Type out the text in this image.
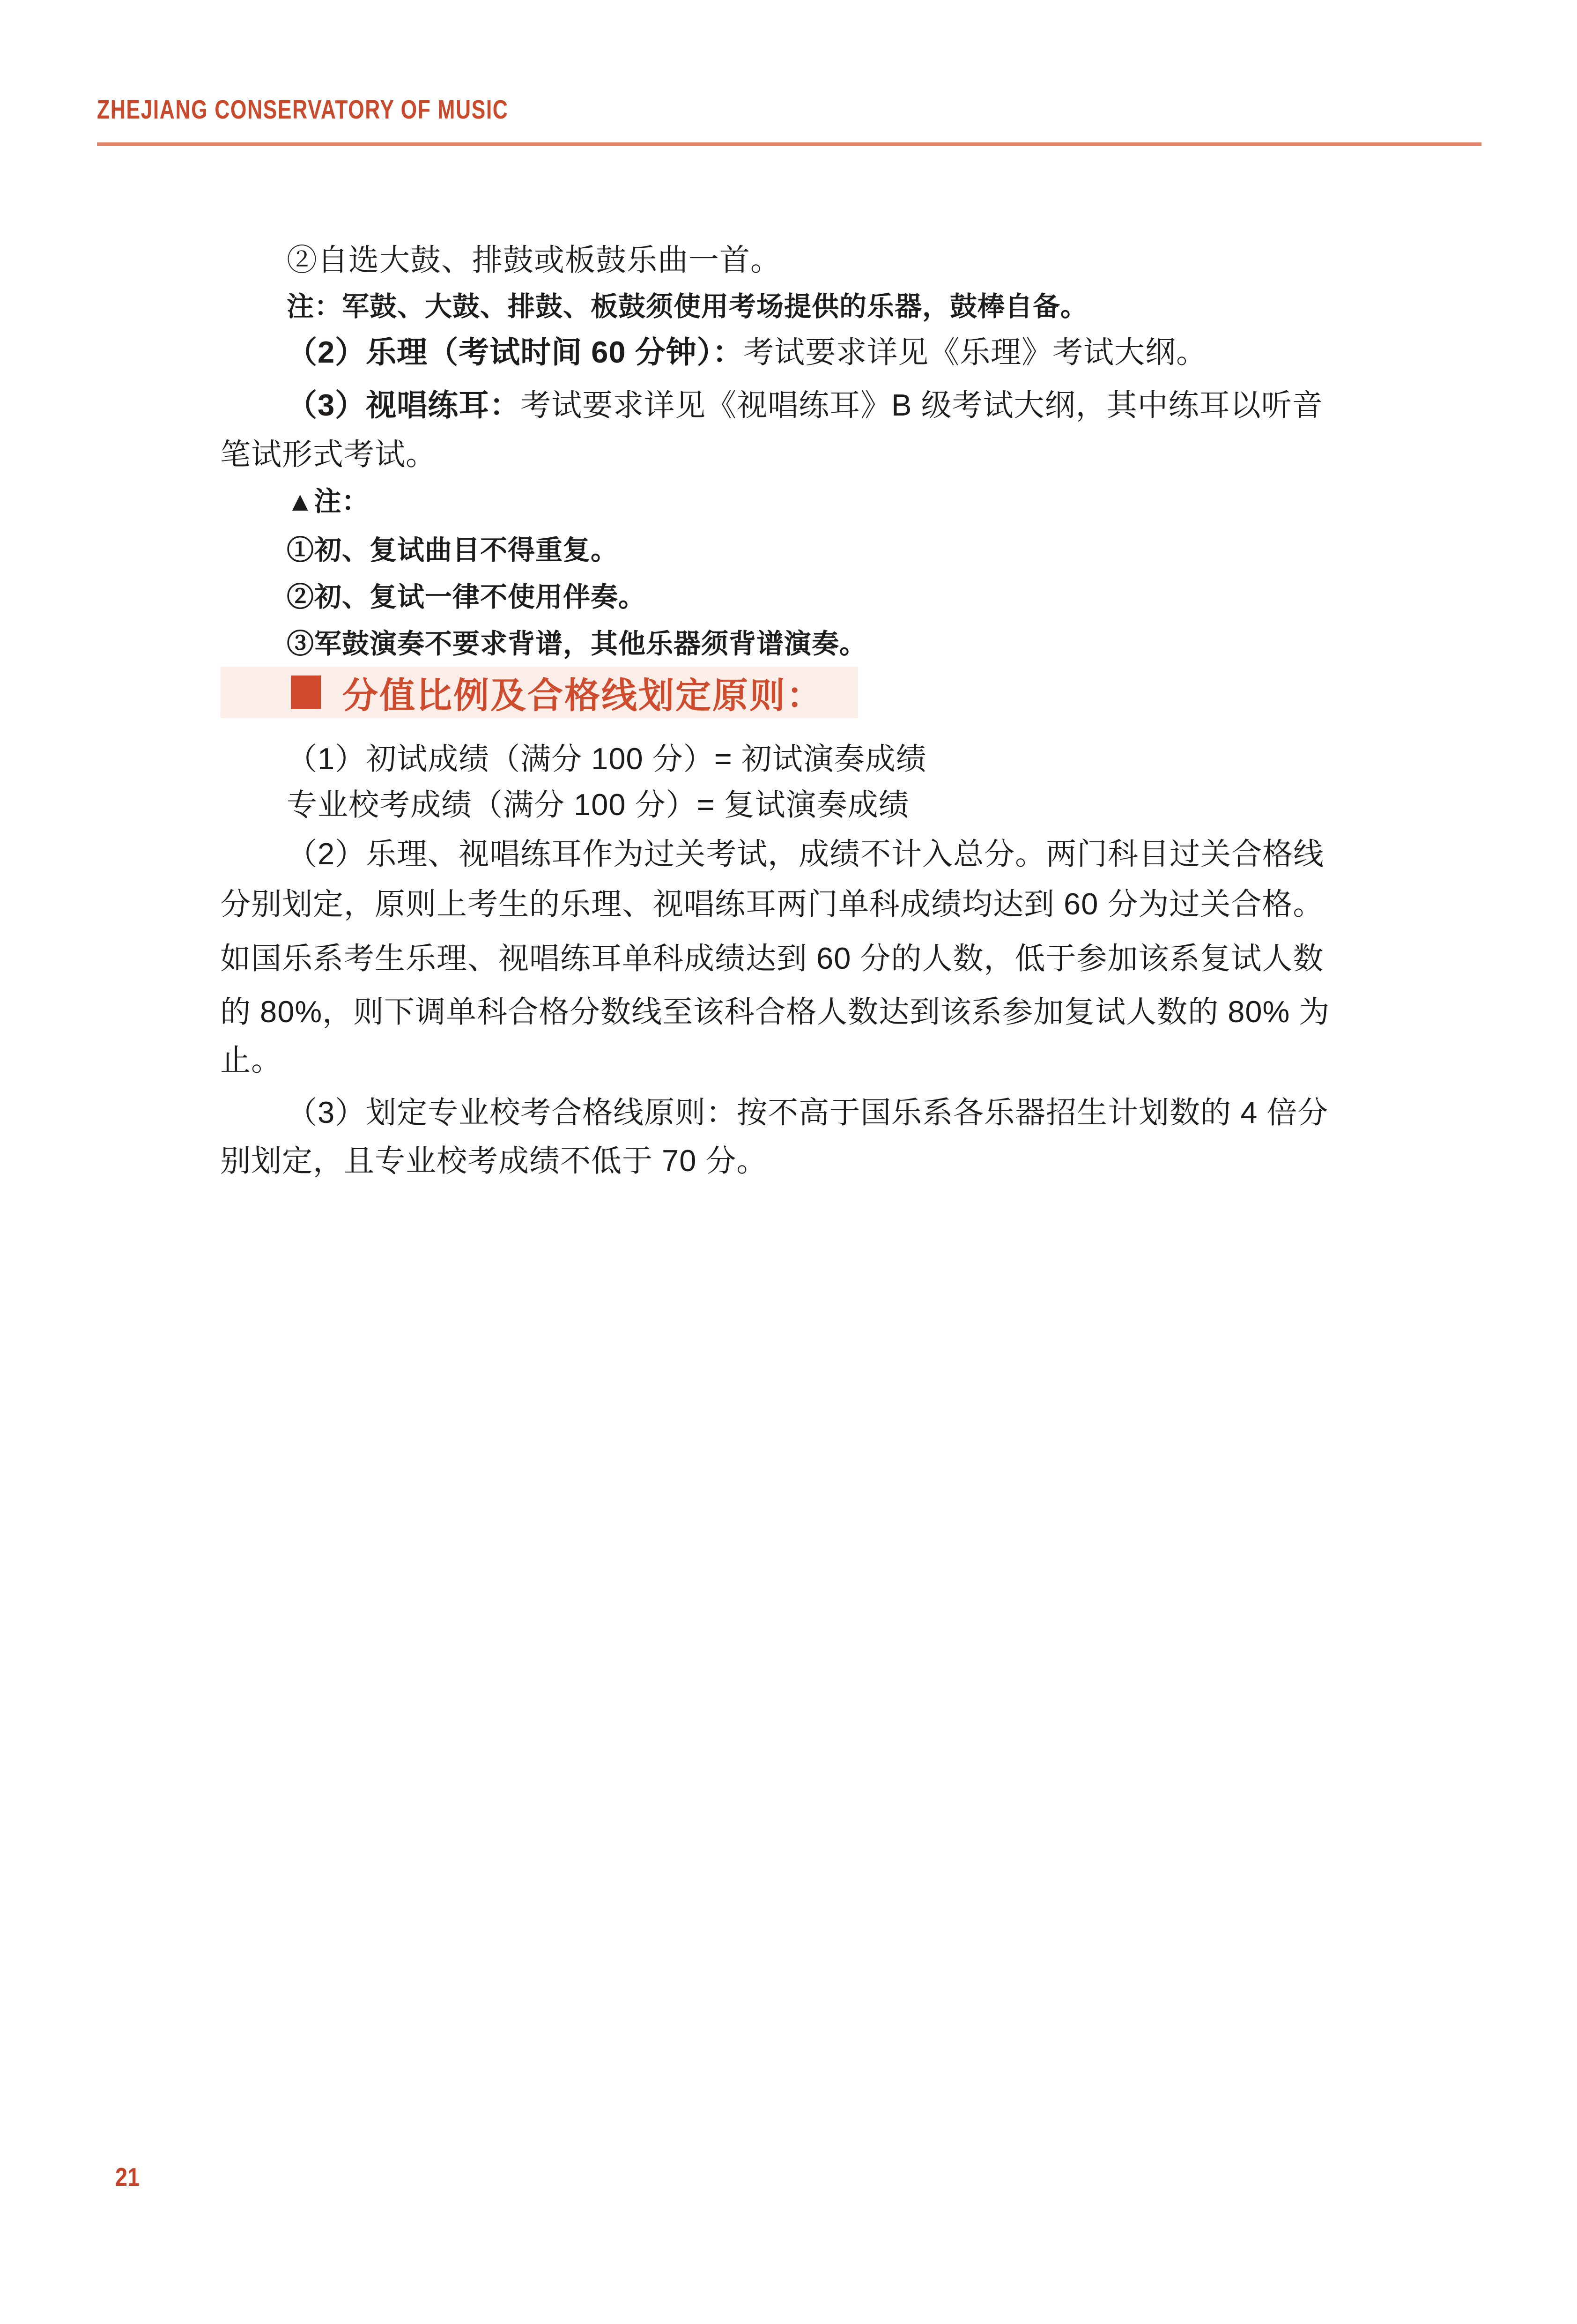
ZHEJIANG CONSERVATORY OF MUSIC
②自选大鼓、排鼓或板鼓乐曲一首。
注：军鼓、大鼓、排鼓、板鼓须使用考场提供的乐器，鼓棒自备。
（2）乐理（考试时间 60 分钟）：考试要求详见《乐理》考试大纲。
（3）视唱练耳：考试要求详见《视唱练耳》B 级考试大纲，其中练耳以听音
笔试形式考试。
▲注：
①初、复试曲目不得重复。
②初、复试一律不使用伴奏。
③军鼓演奏不要求背谱，其他乐器须背谱演奏。
分值比例及合格线划定原则：
（1）初试成绩（满分 100 分）= 初试演奏成绩
专业校考成绩（满分 100 分）= 复试演奏成绩
（2）乐理、视唱练耳作为过关考试，成绩不计入总分。两门科目过关合格线
分别划定，原则上考生的乐理、视唱练耳两门单科成绩均达到 60 分为过关合格。
如国乐系考生乐理、视唱练耳单科成绩达到 60 分的人数，低于参加该系复试人数
的 80%，则下调单科合格分数线至该科合格人数达到该系参加复试人数的 80% 为
止。
（3）划定专业校考合格线原则：按不高于国乐系各乐器招生计划数的 4 倍分
别划定，且专业校考成绩不低于 70 分。
21
